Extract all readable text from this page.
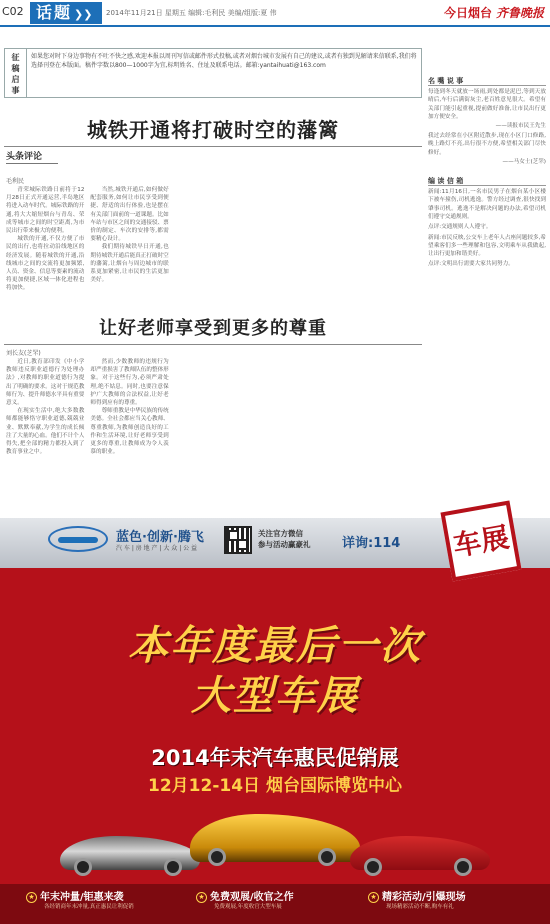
C02 话题 ❯❯	2014年11月21日 星期五 编辑:毛利民 美编/组版:夏 伟	今日烟台 齐鲁晚报
征
稿
启
事
如果您对时下身边事物有不吐不快之感,欢迎本报以周刊写信或邮件形式投稿,或者对烟台城市发展有自己的建议,或者有独到见解请来信联系,我们将选择刊登在本版面。稿件字数以800—1000字为宜,标明姓名、住址及联系电话。邮箱:yantaihuati@163.com
名 嘴 说 事
每逢到冬天就放一场雨,到处都是泥巴,等到天放晴后,车行后满街灰尘,老百姓意见很大。希望有关部门能引起重视,提前做好准备,让市民出行更加方便安全。
——读报市民王先生
我过去经常在小区附近散步,现在小区门口修路,晚上路灯不亮,出行很不方便,希望相关部门尽快修好。
——马女士(芝罘)
编 读 信 箱
新闻:11月16日,一名市民男子在烟台某小区楼下被车撞伤,司机逃逸。警方经过调查,很快找到肇事司机。逃逸不是解决问题的办法,希望司机们遵守交通规则。
点评:交通规则人人遵守。
新闻:市民反映,公交车上老年人占座问题较多,希望乘客们多一些理解和包容,文明乘车从我做起,让出行更加和谐美好。
点评:文明出行需要大家共同努力。
城铁开通将打破时空的藩篱
头条评论
毛利民

青荣城际铁路日前将于12月28日正式开通运营,半岛地区将进入动车时代。城际铁路的开通,将大大缩短烟台与青岛、荣成等城市之间的时空距离,为市民出行带来极大的便利。

城铁的开通,不仅方便了市民的出行,也将拉动沿线地区的经济发展。随着城铁的开通,沿线城市之间的交流将更加频繁,人员、资金、信息等要素的流动将更加便捷,区域一体化进程也将加快。

当然,城铁开通后,如何做好配套服务,如何让市民享受到便捷、舒适的出行体验,也是摆在有关部门面前的一道课题。比如车站与市区之间的交通接驳、票价的制定、车次的安排等,都需要精心设计。

我们期待城铁早日开通,也期待城铁开通后能真正打破时空的藩篱,让烟台与周边城市的联系更加紧密,让市民的生活更加美好。

让好老师享受到更多的尊重
刘长友(芝罘)

近日,教育部印发《中小学教师违反职业道德行为处理办法》,对教师的职业道德行为提出了明确的要求。这对于规范教师行为、提升师德水平具有重要意义。

在现实生活中,绝大多数教师都能够恪守职业道德,兢兢业业、默默奉献,为学生的成长倾注了大量的心血。他们不计个人得失,把全部的精力都投入到了教育事业之中。

然而,少数教师的违规行为却严重损害了教师队伍的整体形象。对于这些行为,必须严肃处理,绝不姑息。同时,也要注意保护广大教师的合法权益,让好老师得到应有的尊重。

尊师重教是中华民族的传统美德。全社会都应当关心教师、尊重教师,为教师创造良好的工作和生活环境,让好老师享受到更多的尊重,让教师成为令人羡慕的职业。

蓝色·创新·腾飞
汽 车 | 房 地 产 | 大 众 | 公 益
关注官方微信
参与活动赢豪礼 详询:114 车展
本年度最后一次
大型车展
2014年末汽车惠民促销展
12月12-14日 烟台国际博览中心
★ 年末冲量/钜惠来袭
各经销商年末冲量,真正惠民让利促销
★ 免费观展/收官之作
免费观展,年度收官大型车展
★ 精彩活动/引爆现场
现场精彩活动不断,购车有礼
